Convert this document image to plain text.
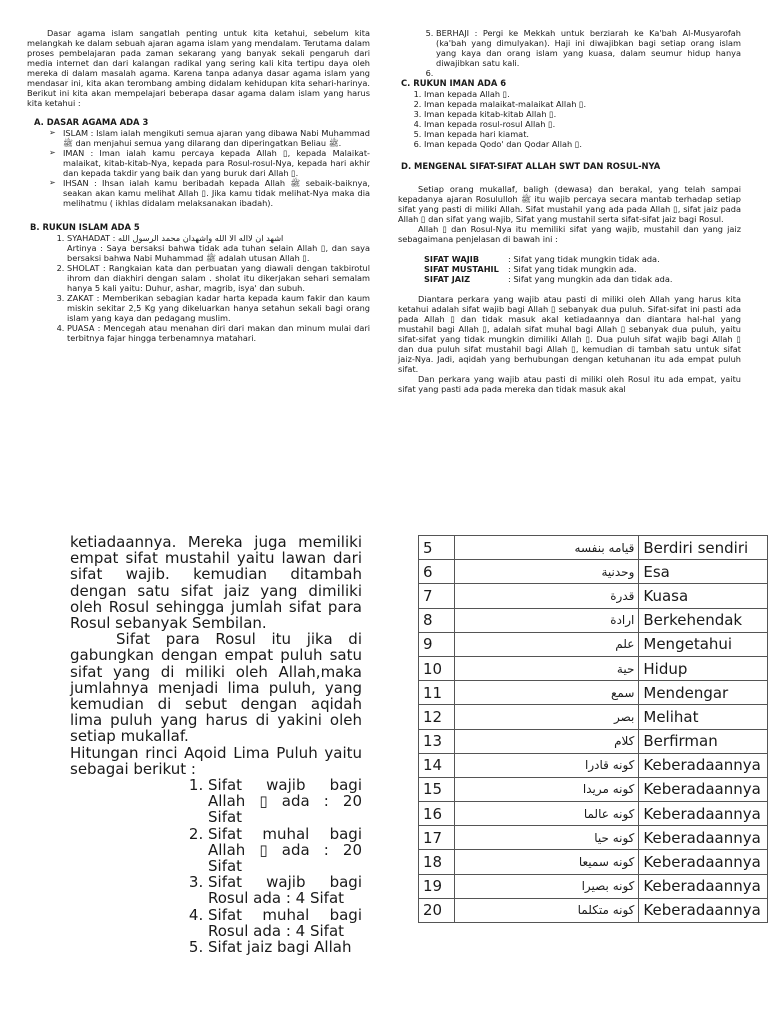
Dasar agama islam sangatlah penting untuk kita ketahui, sebelum kita melangkah ke dalam sebuah ajaran agama islam yang mendalam. Terutama dalam proses pembelajaran pada zaman sekarang yang banyak sekali pengaruh dari media internet dan dari kalangan radikal yang sering kali kita tertipu daya oleh mereka di dalam masalah agama. Karena tanpa adanya dasar agama islam yang mendasar ini, kita akan terombang ambing didalam kehidupan kita sehari-harinya. Berikut ini kita akan mempelajari beberapa dasar agama dalam islam yang harus kita ketahui :

A. DASAR AGAMA ADA 3
➢ ISLAM : Islam ialah mengikuti semua ajaran yang dibawa Nabi Muhammad ﷺ dan menjahui semua yang dilarang dan diperingatkan Beliau ﷺ.
➢ IMAN : Iman ialah kamu percaya kepada Allah ▯, kepada Malaikat-malaikat, kitab-kitab-Nya, kepada para Rosul-rosul-Nya, kepada hari akhir dan kepada takdir yang baik dan yang buruk dari Allah ▯.
➢ IHSAN : Ihsan ialah kamu beribadah kepada Allah ﷺ sebaik-baiknya, seakan akan kamu melihat Allah ▯. Jika kamu tidak melihat-Nya maka dia melihatmu ( ikhlas didalam melaksanakan ibadah).
B. RUKUN ISLAM ADA 5
1. SYAHADAT : اشهد ان لااله الا الله واشهدان محمد الرسول الله
Artinya : Saya bersaksi bahwa tidak ada tuhan selain Allah ▯, dan saya bersaksi bahwa Nabi Muhammad ﷺ adalah utusan Allah ▯.
2. SHOLAT : Rangkaian kata dan perbuatan yang diawali dengan takbirotul ihrom dan diakhiri dengan salam . sholat itu dikerjakan sehari semalam hanya 5 kali yaitu: Duhur, ashar, magrib, isya' dan subuh.
3. ZAKAT : Memberikan sebagian kadar harta kepada kaum fakir dan kaum miskin sekitar 2,5 Kg yang dikeluarkan hanya setahun sekali bagi orang islam yang kaya dan pedagang muslim.
4. PUASA : Mencegah atau menahan diri dari makan dan minum mulai dari terbitnya fajar hingga terbenamnya matahari.
5. BERHAJI : Pergi ke Mekkah untuk berziarah ke Ka'bah Al-Musyarofah (ka'bah yang dimulyakan). Haji ini diwajibkan bagi setiap orang islam yang kaya dan orang islam yang kuasa, dalam seumur hidup hanya diwajibkan satu kali.
6.
C. RUKUN IMAN ADA 6
1. Iman kepada Allah ▯.
2. Iman kepada malaikat-malaikat Allah ▯.
3. Iman kepada kitab-kitab Allah ▯.
4. Iman kepada rosul-rosul Allah ▯.
5. Iman kepada hari kiamat.
6. Iman kepada Qodo' dan Qodar Allah ▯.
D. MENGENAL SIFAT-SIFAT ALLAH SWT DAN ROSUL-NYA

Setiap orang mukallaf, baligh (dewasa) dan berakal, yang telah sampai kepadanya ajaran Rosululloh ﷺ itu wajib percaya secara mantab terhadap setiap sifat yang pasti di miliki Allah. Sifat mustahil yang ada pada Allah ▯, sifat jaiz pada Allah ▯ dan sifat yang wajib, Sifat yang mustahil serta sifat-sifat jaiz bagi Rosul.

Allah ▯ dan Rosul-Nya itu memiliki sifat yang wajib, mustahil dan yang jaiz sebagaimana penjelasan di bawah ini :

SIFAT WAJIB	: Sifat yang tidak mungkin tidak ada.
SIFAT MUSTAHIL	: Sifat yang tidak mungkin ada.
SIFAT JAIZ	: Sifat yang mungkin ada dan tidak ada.

Diantara perkara yang wajib atau pasti di miliki oleh Allah yang harus kita ketahui adalah sifat wajib bagi Allah ▯ sebanyak dua puluh. Sifat-sifat ini pasti ada pada Allah ▯ dan tidak masuk akal ketiadaannya dan diantara hal-hal yang mustahil bagi Allah ▯, adalah sifat muhal bagi Allah ▯ sebanyak dua puluh, yaitu sifat-sifat yang tidak mungkin dimiliki Allah ▯. Dua puluh sifat wajib bagi Allah ▯ dan dua puluh sifat mustahil bagi Allah ▯, kemudian di tambah satu untuk sifat jaiz-Nya. Jadi, aqidah yang berhubungan dengan ketuhanan itu ada empat puluh sifat.

Dan perkara yang wajib atau pasti di miliki oleh Rosul itu ada empat, yaitu sifat yang pasti ada pada mereka dan tidak masuk akal

ketiadaannya. Mereka juga memiliki empat sifat mustahil yaitu lawan dari sifat wajib. kemudian ditambah dengan satu sifat jaiz yang dimiliki oleh Rosul sehingga jumlah sifat para Rosul sebanyak Sembilan.

Sifat para Rosul itu jika di gabungkan dengan empat puluh satu sifat yang di miliki oleh Allah,maka jumlahnya menjadi lima puluh, yang kemudian di sebut dengan aqidah lima puluh yang harus di yakini oleh setiap mukallaf.

Hitungan rinci Aqoid Lima Puluh yaitu sebagai berikut :

1. Sifat wajib bagi Allah ▯ ada : 20 Sifat
2. Sifat muhal bagi Allah ▯ ada : 20 Sifat
3. Sifat wajib bagi Rosul ada : 4 Sifat
4. Sifat muhal bagi Rosul ada : 4 Sifat
5. Sifat jaiz bagi Allah
5	قيامه بنفسه	Berdiri sendiri
6	وحدنية	Esa
7	قدرة	Kuasa
8	ارادة	Berkehendak
9	علم	Mengetahui
10	حية	Hidup
11	سمع	Mendengar
12	بصر	Melihat
13	كلام	Berfirman
14	كونه قادرا	Keberadaannya
15	كونه مريدا	Keberadaannya
16	كونه عالما	Keberadaannya
17	كونه حيا	Keberadaannya
18	كونه سميعا	Keberadaannya
19	كونه بصيرا	Keberadaannya
20	كونه متكلما	Keberadaannya
